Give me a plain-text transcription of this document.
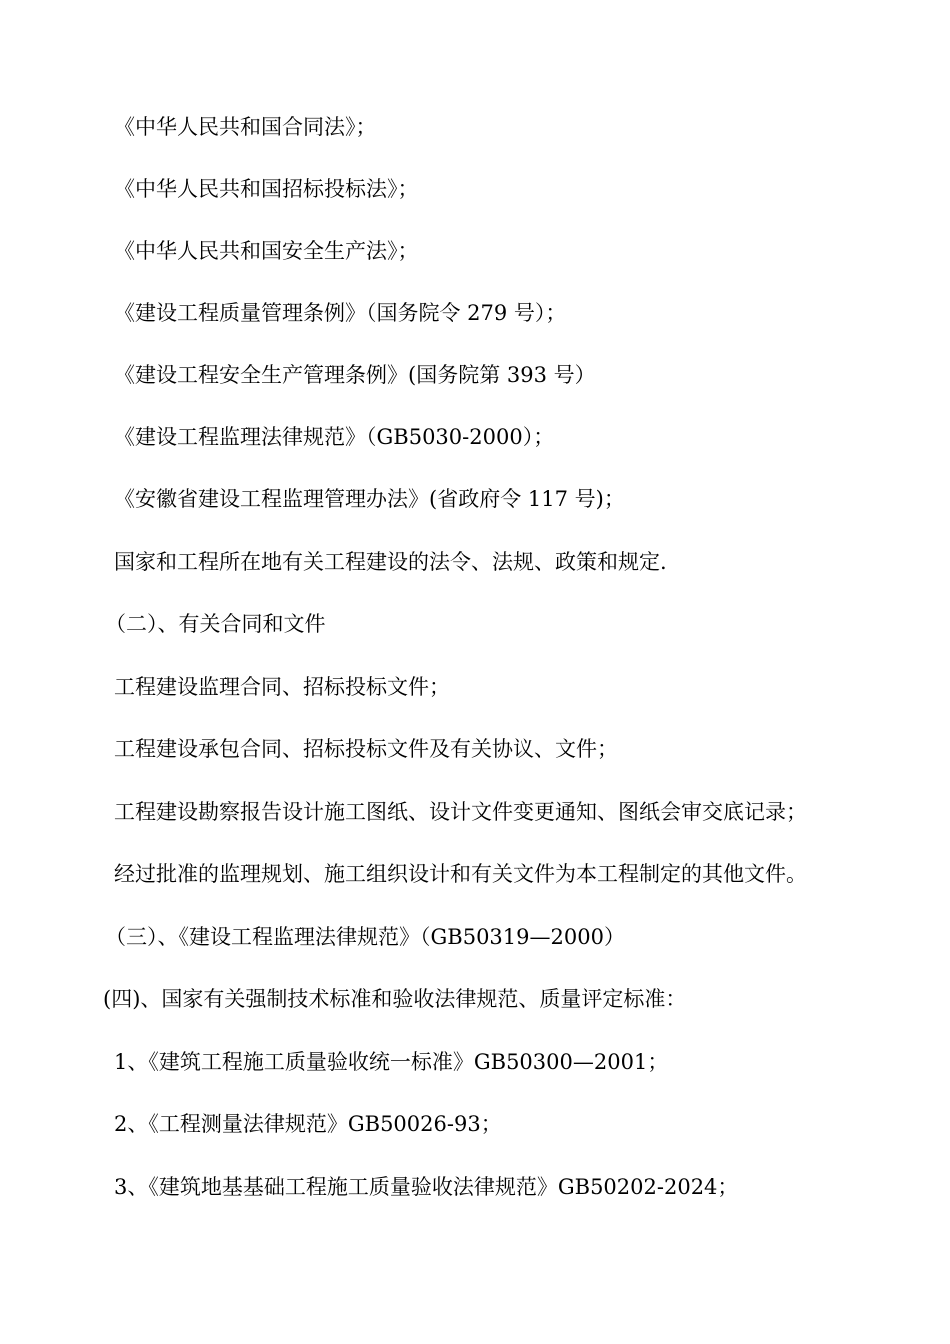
《中华人民共和国合同法》；
《中华人民共和国招标投标法》；
《中华人民共和国安全生产法》；
《建设工程质量管理条例》（国务院令 279 号）；
《建设工程安全生产管理条例》(国务院第 393 号）
《建设工程监理法律规范》（GB5030-2000）；
《安徽省建设工程监理管理办法》(省政府令 117 号)；
国家和工程所在地有关工程建设的法令、法规、政策和规定.
（二）、有关合同和文件
工程建设监理合同、招标投标文件；
工程建设承包合同、招标投标文件及有关协议、文件；
工程建设勘察报告设计施工图纸、设计文件变更通知、图纸会审交底记录；
经过批准的监理规划、施工组织设计和有关文件为本工程制定的其他文件。
（三）、《建设工程监理法律规范》（GB50319—2000）
(四)、国家有关强制技术标准和验收法律规范、质量评定标准：
1、《建筑工程施工质量验收统一标准》GB50300—2001；
2、《工程测量法律规范》GB50026-93；
3、《建筑地基基础工程施工质量验收法律规范》GB50202-2024；
